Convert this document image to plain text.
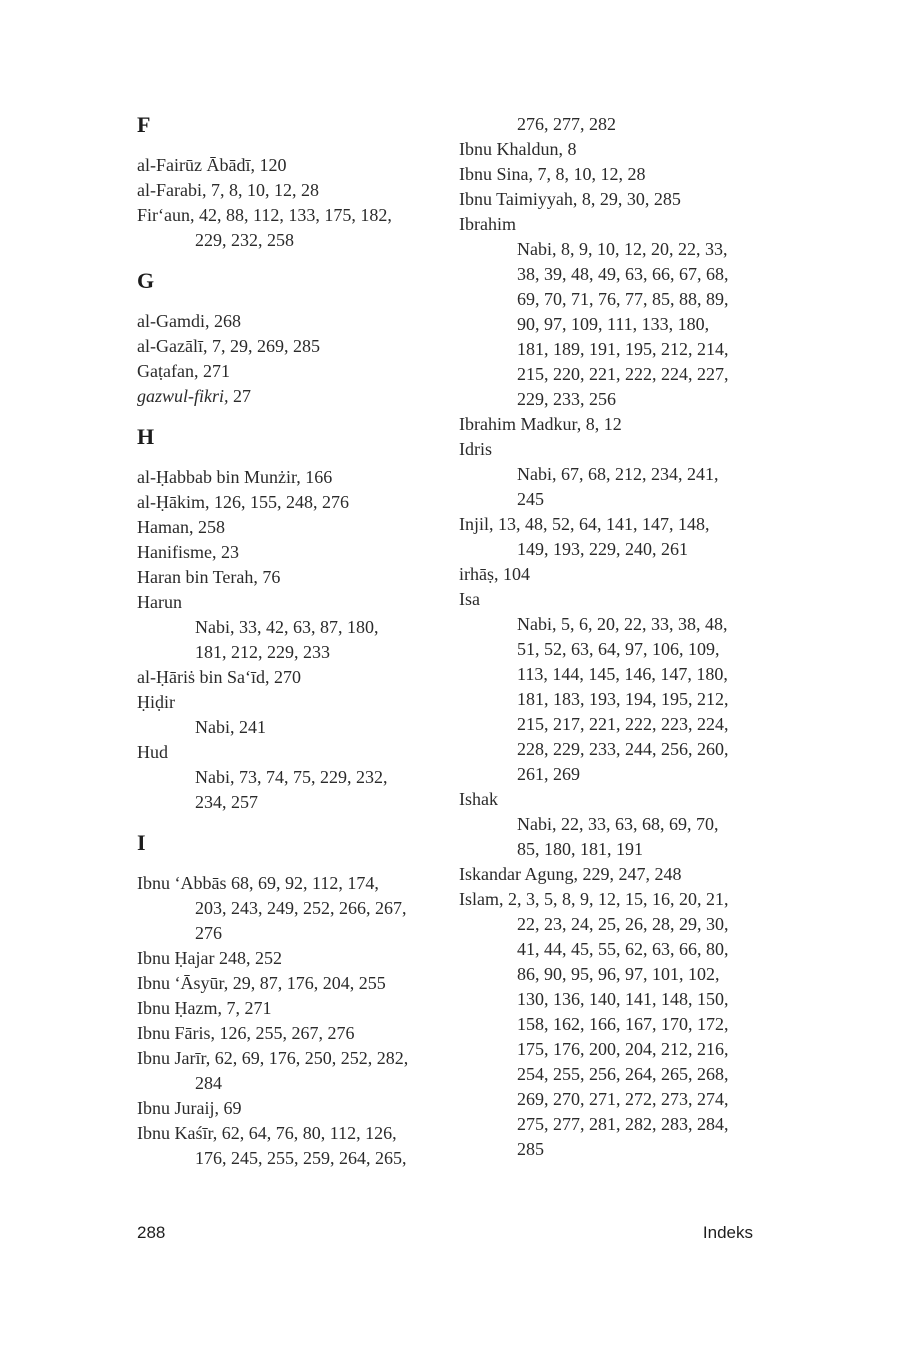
F
al-Fairūz Ābādī, 120
al-Farabi, 7, 8, 10, 12, 28
Fir‘aun, 42, 88, 112, 133, 175, 182,
229, 232, 258
G
al-Gamdi, 268
al-Gazālī, 7, 29, 269, 285
Gaṭafan, 271
gazwul-fikri, 27
H
al-Ḥabbab bin Munżir, 166
al-Ḥākim, 126, 155, 248, 276
Haman, 258
Hanifisme, 23
Haran bin Terah, 76
Harun
Nabi, 33, 42, 63, 87, 180,
181, 212, 229, 233
al-Ḥāriṡ bin Sa‘īd, 270
Ḥiḍir
Nabi, 241
Hud
Nabi, 73, 74, 75, 229, 232,
234, 257
I
Ibnu ‘Abbās 68, 69, 92, 112, 174,
203, 243, 249, 252, 266, 267,
276
Ibnu Ḥajar 248, 252
Ibnu ‘Āsyūr, 29, 87, 176, 204, 255
Ibnu Ḥazm, 7, 271
Ibnu Fāris, 126, 255, 267, 276
Ibnu Jarīr, 62, 69, 176, 250, 252, 282,
284
Ibnu Juraij, 69
Ibnu Kaśīr, 62, 64, 76, 80, 112, 126,
176, 245, 255, 259, 264, 265,
276, 277, 282
Ibnu Khaldun, 8
Ibnu Sina, 7, 8, 10, 12, 28
Ibnu Taimiyyah, 8, 29, 30, 285
Ibrahim
Nabi, 8, 9, 10, 12, 20, 22, 33,
38, 39, 48, 49, 63, 66, 67, 68,
69, 70, 71, 76, 77, 85, 88, 89,
90, 97, 109, 111, 133, 180,
181, 189, 191, 195, 212, 214,
215, 220, 221, 222, 224, 227,
229, 233, 256
Ibrahim Madkur, 8, 12
Idris
Nabi, 67, 68, 212, 234, 241,
245
Injil, 13, 48, 52, 64, 141, 147, 148,
149, 193, 229, 240, 261
irhāṣ, 104
Isa
Nabi, 5, 6, 20, 22, 33, 38, 48,
51, 52, 63, 64, 97, 106, 109,
113, 144, 145, 146, 147, 180,
181, 183, 193, 194, 195, 212,
215, 217, 221, 222, 223, 224,
228, 229, 233, 244, 256, 260,
261, 269
Ishak
Nabi, 22, 33, 63, 68, 69, 70,
85, 180, 181, 191
Iskandar Agung, 229, 247, 248
Islam, 2, 3, 5, 8, 9, 12, 15, 16, 20, 21,
22, 23, 24, 25, 26, 28, 29, 30,
41, 44, 45, 55, 62, 63, 66, 80,
86, 90, 95, 96, 97, 101, 102,
130, 136, 140, 141, 148, 150,
158, 162, 166, 167, 170, 172,
175, 176, 200, 204, 212, 216,
254, 255, 256, 264, 265, 268,
269, 270, 271, 272, 273, 274,
275, 277, 281, 282, 283, 284,
285
288	Indeks
